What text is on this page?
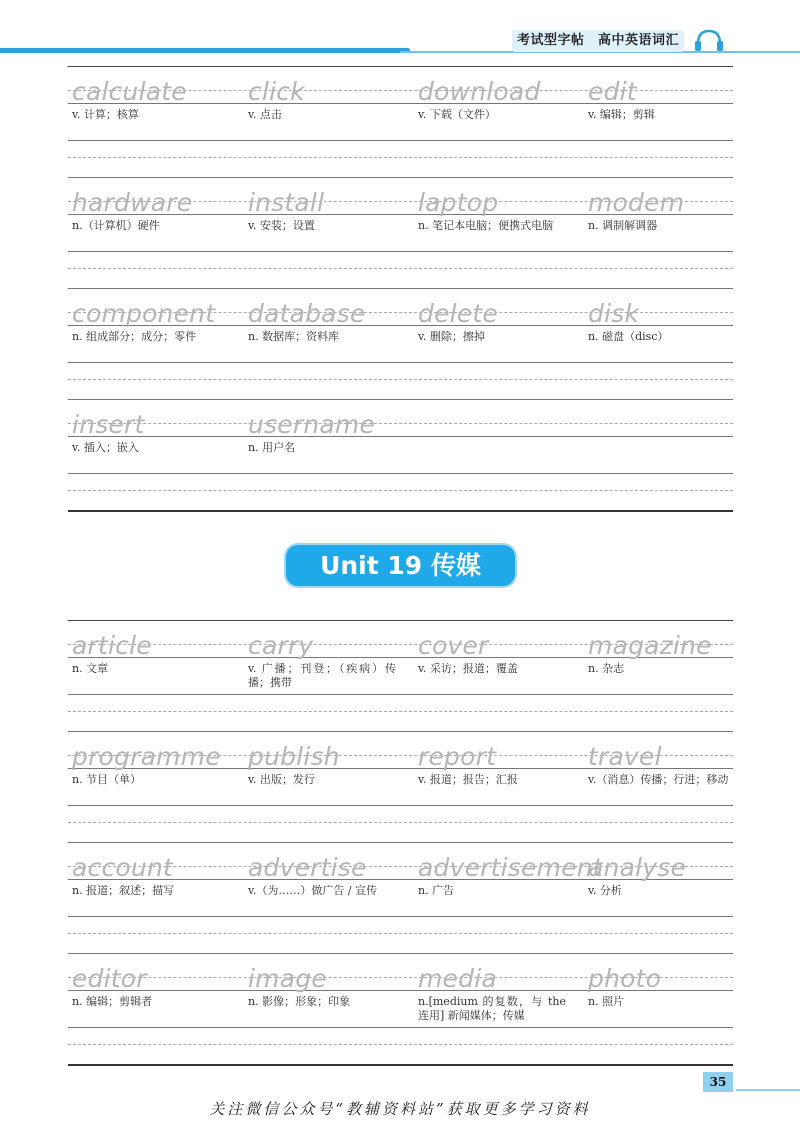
考试型字帖　高中英语词汇
calculate
v. 计算；核算
click
v. 点击
download
v. 下载（文件）
edit
v. 编辑；剪辑
hardware
n.（计算机）硬件
install
v. 安装；设置
laptop
n. 笔记本电脑；便携式电脑
modem
n. 调制解调器
component
n. 组成部分；成分；零件
database
n. 数据库；资料库
delete
v. 删除；擦掉
disk
n. 磁盘（disc）
insert
v. 插入；嵌入
username
n. 用户名
Unit 19 传媒
article
n. 文章
carry
v. 广播；刊登；（疾病）传播；携带
cover
v. 采访；报道；覆盖
magazine
n. 杂志
programme
n. 节目（单）
publish
v. 出版；发行
report
v. 报道；报告；汇报
travel
v.（消息）传播；行进；移动
account
n. 报道；叙述；描写
advertise
v.（为……）做广告 / 宣传
advertisement
n. 广告
analyse
v. 分析
editor
n. 编辑；剪辑者
image
n. 影像；形象；印象
media
n.[medium 的复数，与 the 连用] 新闻媒体；传媒
photo
n. 照片
35
关注微信公众号“教辅资料站”获取更多学习资料
